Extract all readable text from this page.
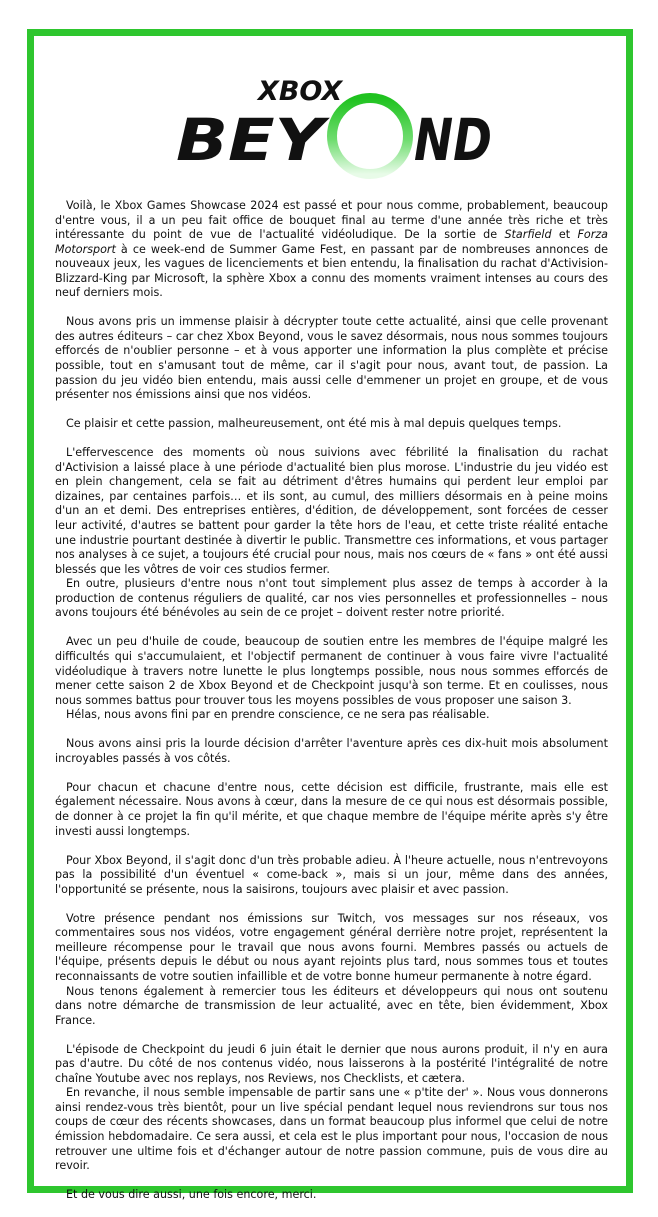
XBOX
BEY ND

Voilà, le Xbox Games Showcase 2024 est passé et pour nous comme, probablement, beaucoup d'entre vous, il a un peu fait office de bouquet final au terme d'une année très riche et très intéressante du point de vue de l'actualité vidéoludique. De la sortie de Starfield et Forza Motorsport à ce week-end de Summer Game Fest, en passant par de nombreuses annonces de nouveaux jeux, les vagues de licenciements et bien entendu, la finalisation du rachat d'Activision-Blizzard-King par Microsoft, la sphère Xbox a connu des moments vraiment intenses au cours des neuf derniers mois.

Nous avons pris un immense plaisir à décrypter toute cette actualité, ainsi que celle provenant des autres éditeurs – car chez Xbox Beyond, vous le savez désormais, nous nous sommes toujours efforcés de n'oublier personne – et à vous apporter une information la plus complète et précise possible, tout en s'amusant tout de même, car il s'agit pour nous, avant tout, de passion. La passion du jeu vidéo bien entendu, mais aussi celle d'emmener un projet en groupe, et de vous présenter nos émissions ainsi que nos vidéos.

Ce plaisir et cette passion, malheureusement, ont été mis à mal depuis quelques temps.

L'effervescence des moments où nous suivions avec fébrilité la finalisation du rachat d'Activision a laissé place à une période d'actualité bien plus morose. L'industrie du jeu vidéo est en plein changement, cela se fait au détriment d'êtres humains qui perdent leur emploi par dizaines, par centaines parfois… et ils sont, au cumul, des milliers désormais en à peine moins d'un an et demi. Des entreprises entières, d'édition, de développement, sont forcées de cesser leur activité, d'autres se battent pour garder la tête hors de l'eau, et cette triste réalité entache une industrie pourtant destinée à divertir le public. Transmettre ces informations, et vous partager nos analyses à ce sujet, a toujours été crucial pour nous, mais nos cœurs de « fans » ont été aussi blessés que les vôtres de voir ces studios fermer.

En outre, plusieurs d'entre nous n'ont tout simplement plus assez de temps à accorder à la production de contenus réguliers de qualité, car nos vies personnelles et professionnelles – nous avons toujours été bénévoles au sein de ce projet – doivent rester notre priorité.

Avec un peu d'huile de coude, beaucoup de soutien entre les membres de l'équipe malgré les difficultés qui s'accumulaient, et l'objectif permanent de continuer à vous faire vivre l'actualité vidéoludique à travers notre lunette le plus longtemps possible, nous nous sommes efforcés de mener cette saison 2 de Xbox Beyond et de Checkpoint jusqu'à son terme. Et en coulisses, nous nous sommes battus pour trouver tous les moyens possibles de vous proposer une saison 3.

Hélas, nous avons fini par en prendre conscience, ce ne sera pas réalisable.

Nous avons ainsi pris la lourde décision d'arrêter l'aventure après ces dix-huit mois absolument incroyables passés à vos côtés.

Pour chacun et chacune d'entre nous, cette décision est difficile, frustrante, mais elle est également nécessaire. Nous avons à cœur, dans la mesure de ce qui nous est désormais possible, de donner à ce projet la fin qu'il mérite, et que chaque membre de l'équipe mérite après s'y être investi aussi longtemps.

Pour Xbox Beyond, il s'agit donc d'un très probable adieu. À l'heure actuelle, nous n'entrevoyons pas la possibilité d'un éventuel « come-back », mais si un jour, même dans des années, l'opportunité se présente, nous la saisirons, toujours avec plaisir et avec passion.

Votre présence pendant nos émissions sur Twitch, vos messages sur nos réseaux, vos commentaires sous nos vidéos, votre engagement général derrière notre projet, représentent la meilleure récompense pour le travail que nous avons fourni. Membres passés ou actuels de l'équipe, présents depuis le début ou nous ayant rejoints plus tard, nous sommes tous et toutes reconnaissants de votre soutien infaillible et de votre bonne humeur permanente à notre égard.

Nous tenons également à remercier tous les éditeurs et développeurs qui nous ont soutenu dans notre démarche de transmission de leur actualité, avec en tête, bien évidemment, Xbox France.

L'épisode de Checkpoint du jeudi 6 juin était le dernier que nous aurons produit, il n'y en aura pas d'autre. Du côté de nos contenus vidéo, nous laisserons à la postérité l'intégralité de notre chaîne Youtube avec nos replays, nos Reviews, nos Checklists, et cætera.

En revanche, il nous semble impensable de partir sans une « p'tite der' ». Nous vous donnerons ainsi rendez-vous très bientôt, pour un live spécial pendant lequel nous reviendrons sur tous nos coups de cœur des récents showcases, dans un format beaucoup plus informel que celui de notre émission hebdomadaire. Ce sera aussi, et cela est le plus important pour nous, l'occasion de nous retrouver une ultime fois et d'échanger autour de notre passion commune, puis de vous dire au revoir.

Et de vous dire aussi, une fois encore, merci.
